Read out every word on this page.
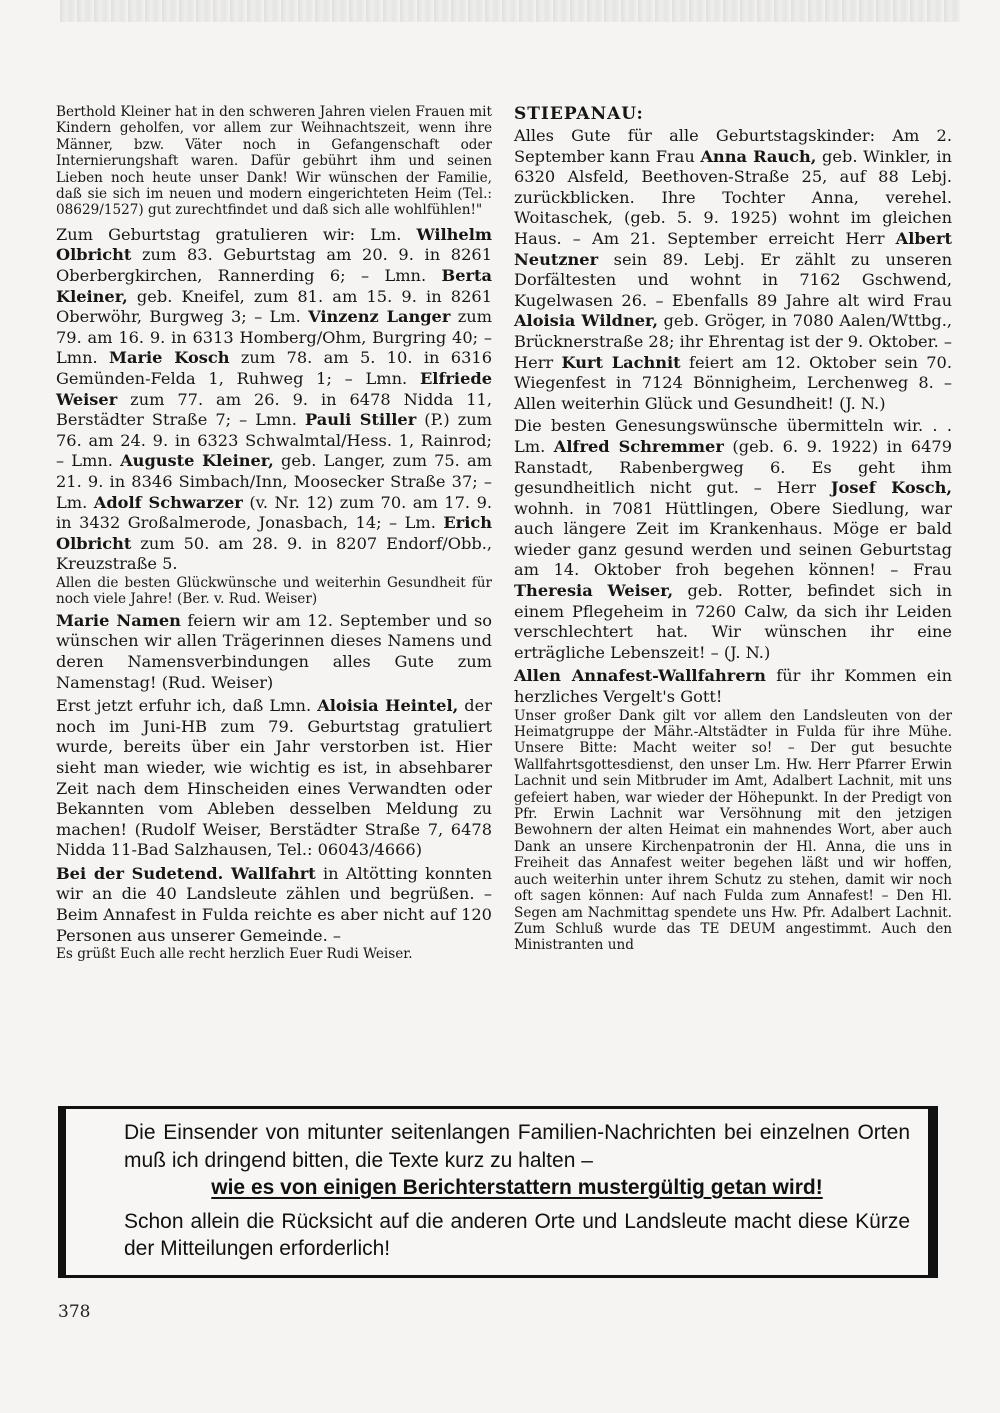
Berthold Kleiner hat in den schweren Jahren vielen Frauen mit Kindern geholfen, vor allem zur Weihnachtszeit, wenn ihre Männer, bzw. Väter noch in Gefangenschaft oder Internierungshaft waren. Dafür gebührt ihm und seinen Lieben noch heute unser Dank! Wir wünschen der Familie, daß sie sich im neuen und modern eingerichteten Heim (Tel.: 08629/1527) gut zurechtfindet und daß sich alle wohlfühlen!"

Zum Geburtstag gratulieren wir: Lm. Wilhelm Olbricht zum 83. Geburtstag am 20. 9. in 8261 Oberbergkirchen, Rannerding 6; – Lmn. Berta Kleiner, geb. Kneifel, zum 81. am 15. 9. in 8261 Oberwöhr, Burgweg 3; – Lm. Vinzenz Langer zum 79. am 16. 9. in 6313 Homberg/Ohm, Burgring 40; – Lmn. Marie Kosch zum 78. am 5. 10. in 6316 Gemünden-Felda 1, Ruhweg 1; – Lmn. Elfriede Weiser zum 77. am 26. 9. in 6478 Nidda 11, Berstädter Straße 7; – Lmn. Pauli Stiller (P.) zum 76. am 24. 9. in 6323 Schwalmtal/Hess. 1, Rainrod; – Lmn. Auguste Kleiner, geb. Langer, zum 75. am 21. 9. in 8346 Simbach/Inn, Moosecker Straße 37; – Lm. Adolf Schwarzer (v. Nr. 12) zum 70. am 17. 9. in 3432 Großalmerode, Jonasbach, 14; – Lm. Erich Olbricht zum 50. am 28. 9. in 8207 Endorf/Obb., Kreuzstraße 5.

Allen die besten Glückwünsche und weiterhin Gesundheit für noch viele Jahre! (Ber. v. Rud. Weiser)

Marie Namen feiern wir am 12. September und so wünschen wir allen Trägerinnen dieses Namens und deren Namensverbindungen alles Gute zum Namenstag! (Rud. Weiser)

Erst jetzt erfuhr ich, daß Lmn. Aloisia Heintel, der noch im Juni-HB zum 79. Geburtstag gratuliert wurde, bereits über ein Jahr verstorben ist. Hier sieht man wieder, wie wichtig es ist, in absehbarer Zeit nach dem Hinscheiden eines Verwandten oder Bekannten vom Ableben desselben Meldung zu machen! (Rudolf Weiser, Berstädter Straße 7, 6478 Nidda 11-Bad Salzhausen, Tel.: 06043/4666)

Bei der Sudetend. Wallfahrt in Altötting konnten wir an die 40 Landsleute zählen und begrüßen. – Beim Annafest in Fulda reichte es aber nicht auf 120 Personen aus unserer Gemeinde. –

Es grüßt Euch alle recht herzlich Euer Rudi Weiser.

STIEPANAU:

Alles Gute für alle Geburtstagskinder: Am 2. September kann Frau Anna Rauch, geb. Winkler, in 6320 Alsfeld, Beethoven-Straße 25, auf 88 Lebj. zurückblicken. Ihre Tochter Anna, verehel. Woitaschek, (geb. 5. 9. 1925) wohnt im gleichen Haus. – Am 21. September erreicht Herr Albert Neutzner sein 89. Lebj. Er zählt zu unseren Dorfältesten und wohnt in 7162 Gschwend, Kugelwasen 26. – Ebenfalls 89 Jahre alt wird Frau Aloisia Wildner, geb. Gröger, in 7080 Aalen/Wttbg., Brücknerstraße 28; ihr Ehrentag ist der 9. Oktober. – Herr Kurt Lachnit feiert am 12. Oktober sein 70. Wiegenfest in 7124 Bönnigheim, Lerchenweg 8. – Allen weiterhin Glück und Gesundheit! (J. N.)

Die besten Genesungswünsche übermitteln wir. . . Lm. Alfred Schremmer (geb. 6. 9. 1922) in 6479 Ranstadt, Rabenbergweg 6. Es geht ihm gesundheitlich nicht gut. – Herr Josef Kosch, wohnh. in 7081 Hüttlingen, Obere Siedlung, war auch längere Zeit im Krankenhaus. Möge er bald wieder ganz gesund werden und seinen Geburtstag am 14. Oktober froh begehen können! – Frau Theresia Weiser, geb. Rotter, befindet sich in einem Pflegeheim in 7260 Calw, da sich ihr Leiden verschlechtert hat. Wir wünschen ihr eine erträgliche Lebenszeit! – (J. N.)

Allen Annafest-Wallfahrern für ihr Kommen ein herzliches Vergelt's Gott!

Unser großer Dank gilt vor allem den Landsleuten von der Heimatgruppe der Mähr.-Altstädter in Fulda für ihre Mühe. Unsere Bitte: Macht weiter so! – Der gut besuchte Wallfahrtsgottesdienst, den unser Lm. Hw. Herr Pfarrer Erwin Lachnit und sein Mitbruder im Amt, Adalbert Lachnit, mit uns gefeiert haben, war wieder der Höhepunkt. In der Predigt von Pfr. Erwin Lachnit war Versöhnung mit den jetzigen Bewohnern der alten Heimat ein mahnendes Wort, aber auch Dank an unsere Kirchenpatronin der Hl. Anna, die uns in Freiheit das Annafest weiter begehen läßt und wir hoffen, auch weiterhin unter ihrem Schutz zu stehen, damit wir noch oft sagen können: Auf nach Fulda zum Annafest! – Den Hl. Segen am Nachmittag spendete uns Hw. Pfr. Adalbert Lachnit. Zum Schluß wurde das TE DEUM angestimmt. Auch den Ministranten und

Die Einsender von mitunter seitenlangen Familien-Nachrichten bei einzelnen Orten muß ich dringend bitten, die Texte kurz zu halten –

wie es von einigen Berichterstattern mustergültig getan wird!

Schon allein die Rücksicht auf die anderen Orte und Landsleute macht diese Kürze der Mitteilungen erforderlich!

378
